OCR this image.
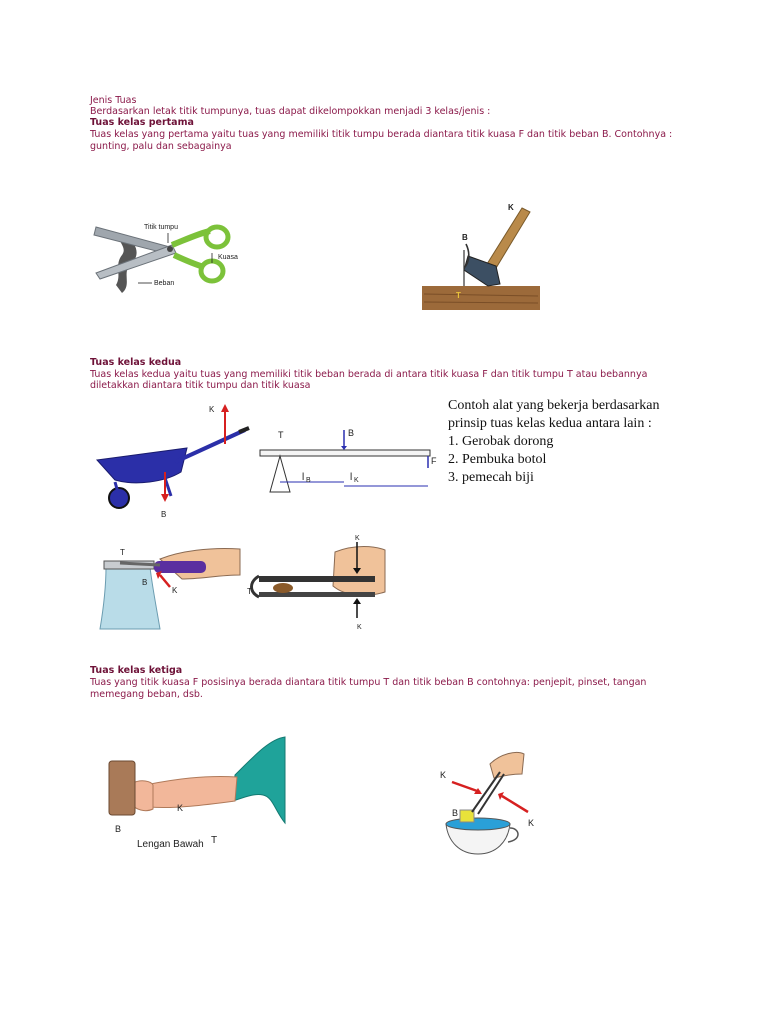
Jenis Tuas
Berdasarkan letak titik tumpunya, tuas dapat dikelompokkan menjadi 3 kelas/jenis :
Tuas kelas pertama
Tuas kelas yang pertama yaitu tuas yang memiliki titik tumpu berada diantara titik kuasa F dan titik beban B. Contohnya :
gunting, palu dan sebagainya
Titik tumpu
Kuasa
Beban
K
B
T
Tuas kelas kedua
Tuas kelas kedua yaitu tuas yang memiliki titik beban berada di antara titik kuasa F dan titik tumpu T atau bebannya
diletakkan diantara titik tumpu dan titik kuasa
K
B
T	B
F
l B	l K
Contoh alat yang bekerja berdasarkan
prinsip tuas kelas kedua antara lain :
1. Gerobak dorong
2. Pembuka botol
3. pemecah biji
T
B
K
K
T
K
Tuas kelas ketiga
Tuas yang titik kuasa F posisinya berada diantara titik tumpu T dan titik beban B contohnya: penjepit, pinset, tangan
memegang beban, dsb.
B
K
Lengan Bawah T
K
B
K
